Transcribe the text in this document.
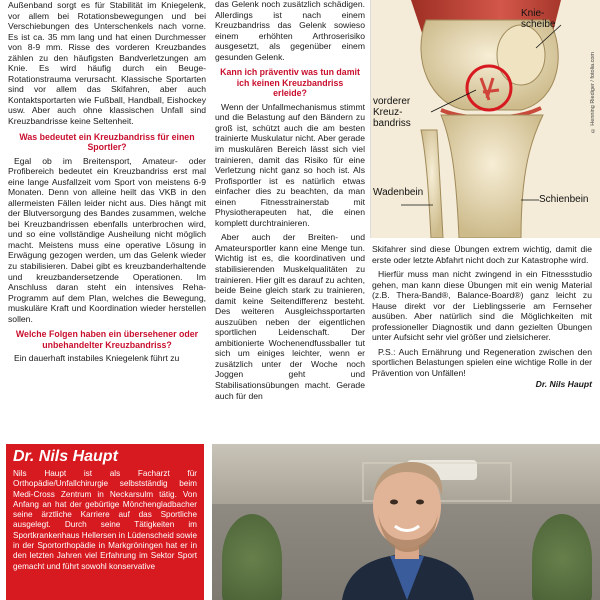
Außenband sorgt es für Stabilität im Kniegelenk, vor allem bei Rotationsbewegungen und bei Verschiebungen des Unterschenkels nach vorne. Es ist ca. 35 mm lang und hat einen Durchmesser von 8-9 mm. Risse des vorderen Kreuzbandes zählen zu den häufigsten Bandverletzungen am Knie. Es wird häufig durch ein Beuge-Rotationstrauma verursacht. Klassische Sportarten sind vor allem das Skifahren, aber auch Kontaktsportarten wie Fußball, Handball, Eishockey usw. Aber auch ohne klassischen Unfall sind Kreuzbandrisse keine Seltenheit.

Was bedeutet ein Kreuzbandriss für einen Sportler?

Egal ob im Breitensport, Amateur- oder Profibereich bedeutet ein Kreuzbandriss erst mal eine lange Ausfallzeit vom Sport von meistens 6-9 Monaten. Denn von alleine heilt das VKB in den allermeisten Fällen leider nicht aus. Dies hängt mit der Blutversorgung des Bandes zusammen, welche bei Kreuzbandrissen ebenfalls unterbrochen wird, und so eine vollständige Ausheilung nicht möglich macht. Meistens muss eine operative Lösung in Erwägung gezogen werden, um das Gelenk wieder zu stabilisieren. Dabei gibt es kreuzbanderhaltende und kreuzbandersetzende Operationen. Im Anschluss daran steht ein intensives Reha-Programm auf dem Plan, welches die Bewegung, muskuläre Kraft und Koordination wieder herstellen sollen.

Welche Folgen haben ein übersehener oder unbehandelter Kreuzbandriss?

Ein dauerhaft instabiles Kniegelenk führt zu

das Gelenk noch zusätzlich schädigen. Allerdings ist nach einem Kreuzbandriss das Gelenk sowieso einem erhöhten Arthroserisiko ausgesetzt, als gegenüber einem gesunden Gelenk.

Kann ich präventiv was tun damit ich keinen Kreuzbandriss erleide?

Wenn der Unfallmechanismus stimmt und die Belastung auf den Bändern zu groß ist, schützt auch die am besten trainierte Muskulatur nicht. Aber gerade im muskulären Bereich lässt sich viel trainieren, damit das Risiko für eine Verletzung nicht ganz so hoch ist. Als Profisportler ist es natürlich etwas einfacher dies zu beachten, da man einen Fitnesstrainerstab mit Physiotherapeuten hat, die einen komplett durchtrainieren.

Aber auch der Breiten- und Amateursportler kann eine Menge tun. Wichtig ist es, die koordinativen und stabilisierenden Muskelqualitäten zu trainieren. Hier gilt es darauf zu achten, beide Beine gleich stark zu trainieren, damit keine Seitendifferenz besteht. Des weiteren Ausgleichssportarten auszuüben neben der eigentlichen sportlichen Leidenschaft. Der ambitionierte Wochenendfussballer tut sich um einiges leichter, wenn er zusätzlich unter der Woche noch Joggen geht und Stabilisationsübungen macht. Gerade auch für den

Knie-
scheibe
vorderer
Kreuz-
bandriss
Wadenbein
Schienbein
© Henning Riediger / fotolia.com

Skifahrer sind diese Übungen extrem wichtig, damit die erste oder letzte Abfahrt nicht doch zur Katastrophe wird.

Hierfür muss man nicht zwingend in ein Fitnessstudio gehen, man kann diese Übungen mit ein wenig Material (z.B. Thera-Band®, Balance-Board®) ganz leicht zu Hause direkt vor der Lieblingsserie am Fernseher ausüben. Aber natürlich sind die Möglichkeiten mit professioneller Diagnostik und dann gezielten Übungen unter Aufsicht sehr viel größer und zielsicherer.

P.S.: Auch Ernährung und Regeneration zwischen den sportlichen Belastungen spielen eine wichtige Rolle in der Prävention von Unfällen!

Dr. Nils Haupt
Dr. Nils Haupt

Nils Haupt ist als Facharzt für Orthopädie/Unfallchirurgie selbstständig beim Medi-Cross Zentrum in Neckarsulm tätig. Von Anfang an hat der gebürtige Mönchengladbacher seine ärztliche Karriere auf das Sportliche ausgelegt. Durch seine Tätigkeiten im Sportkrankenhaus Hellersen in Lüdenscheid sowie in der Sportorthopädie in Markgröningen hat er in den letzten Jahren viel Erfahrung im Sektor Sport gemacht und führt sowohl konservative
